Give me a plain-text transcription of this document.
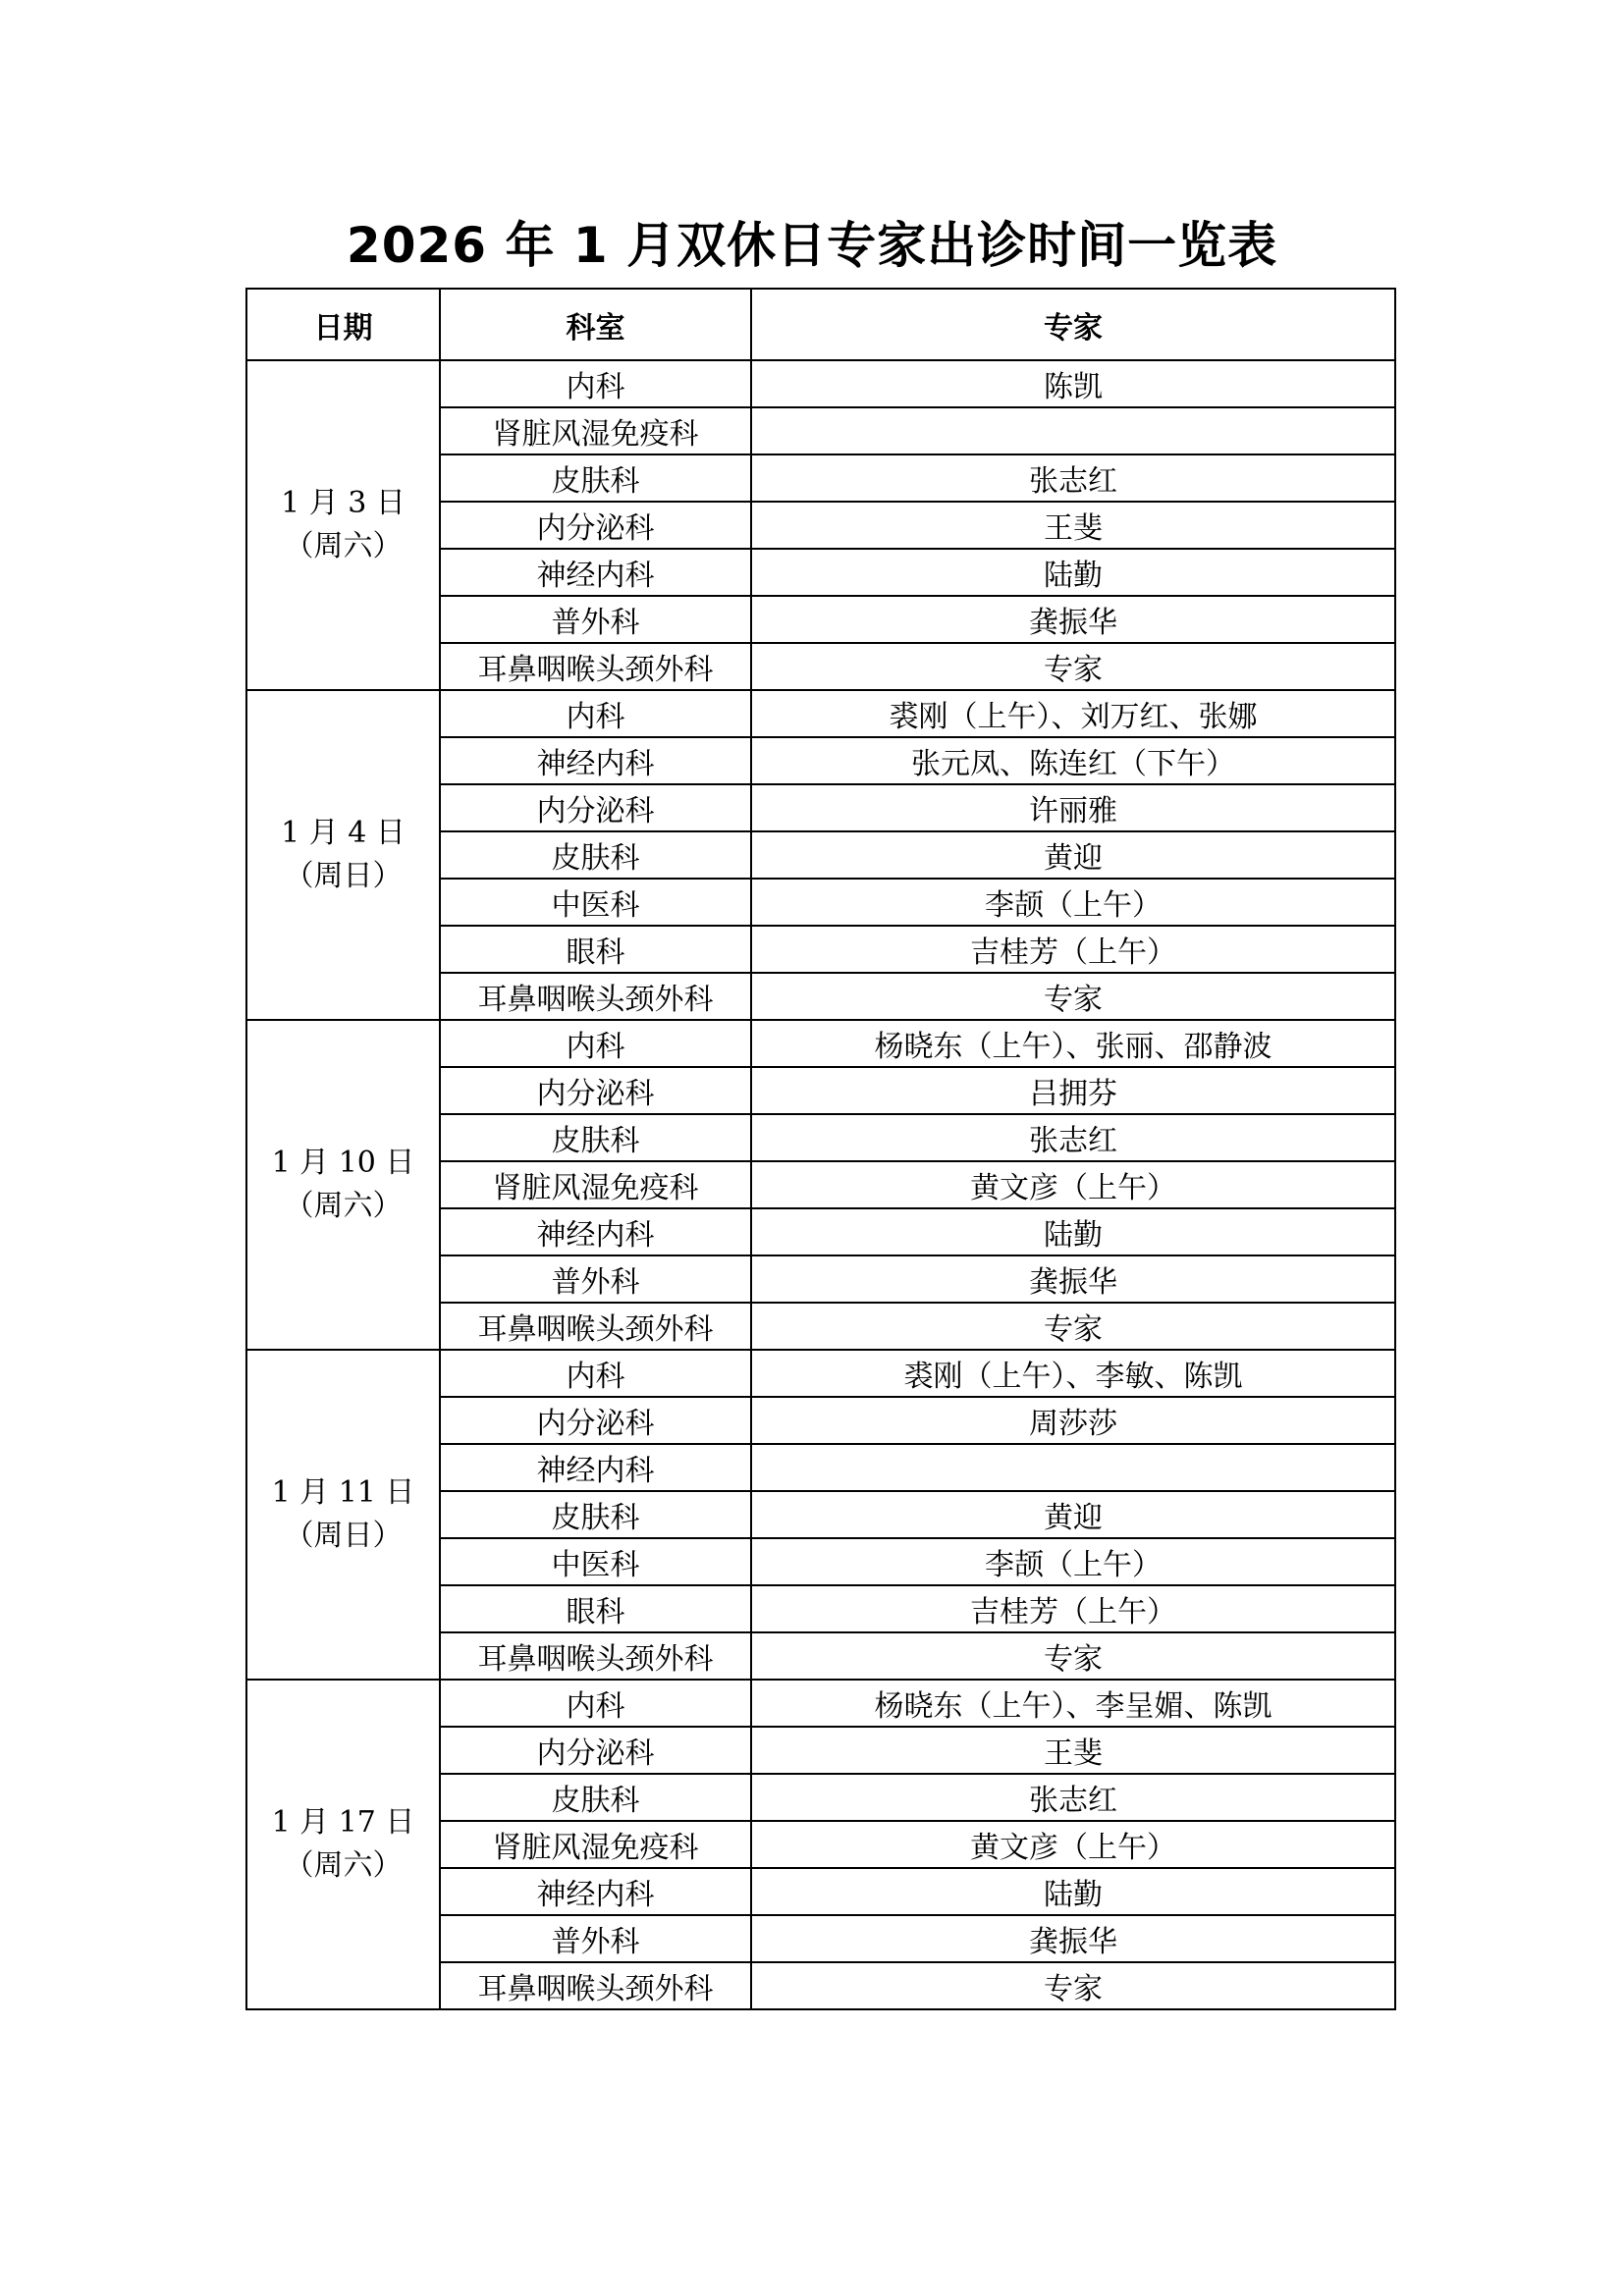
2026 年 1 月双休日专家出诊时间一览表
日期	科室	专家

1 月 3 日
（周六）	内科	陈凯
	肾脏风湿免疫科	
	皮肤科	张志红
	内分泌科	王斐
	神经内科	陆勤
	普外科	龚振华
	耳鼻咽喉头颈外科	专家

1 月 4 日
（周日）	内科	裘刚（上午）、刘万红、张娜
	神经内科	张元凤、陈连红（下午）
	内分泌科	许丽雅
	皮肤科	黄迎
	中医科	李颉（上午）
	眼科	吉桂芳（上午）
	耳鼻咽喉头颈外科	专家

1 月 10 日
（周六）	内科	杨晓东（上午）、张丽、邵静波
	内分泌科	吕拥芬
	皮肤科	张志红
	肾脏风湿免疫科	黄文彦（上午）
	神经内科	陆勤
	普外科	龚振华
	耳鼻咽喉头颈外科	专家

1 月 11 日
（周日）	内科	裘刚（上午）、李敏、陈凯
	内分泌科	周莎莎
	神经内科	
	皮肤科	黄迎
	中医科	李颉（上午）
	眼科	吉桂芳（上午）
	耳鼻咽喉头颈外科	专家

1 月 17 日
（周六）	内科	杨晓东（上午）、李呈媚、陈凯
	内分泌科	王斐
	皮肤科	张志红
	肾脏风湿免疫科	黄文彦（上午）
	神经内科	陆勤
	普外科	龚振华
	耳鼻咽喉头颈外科	专家
